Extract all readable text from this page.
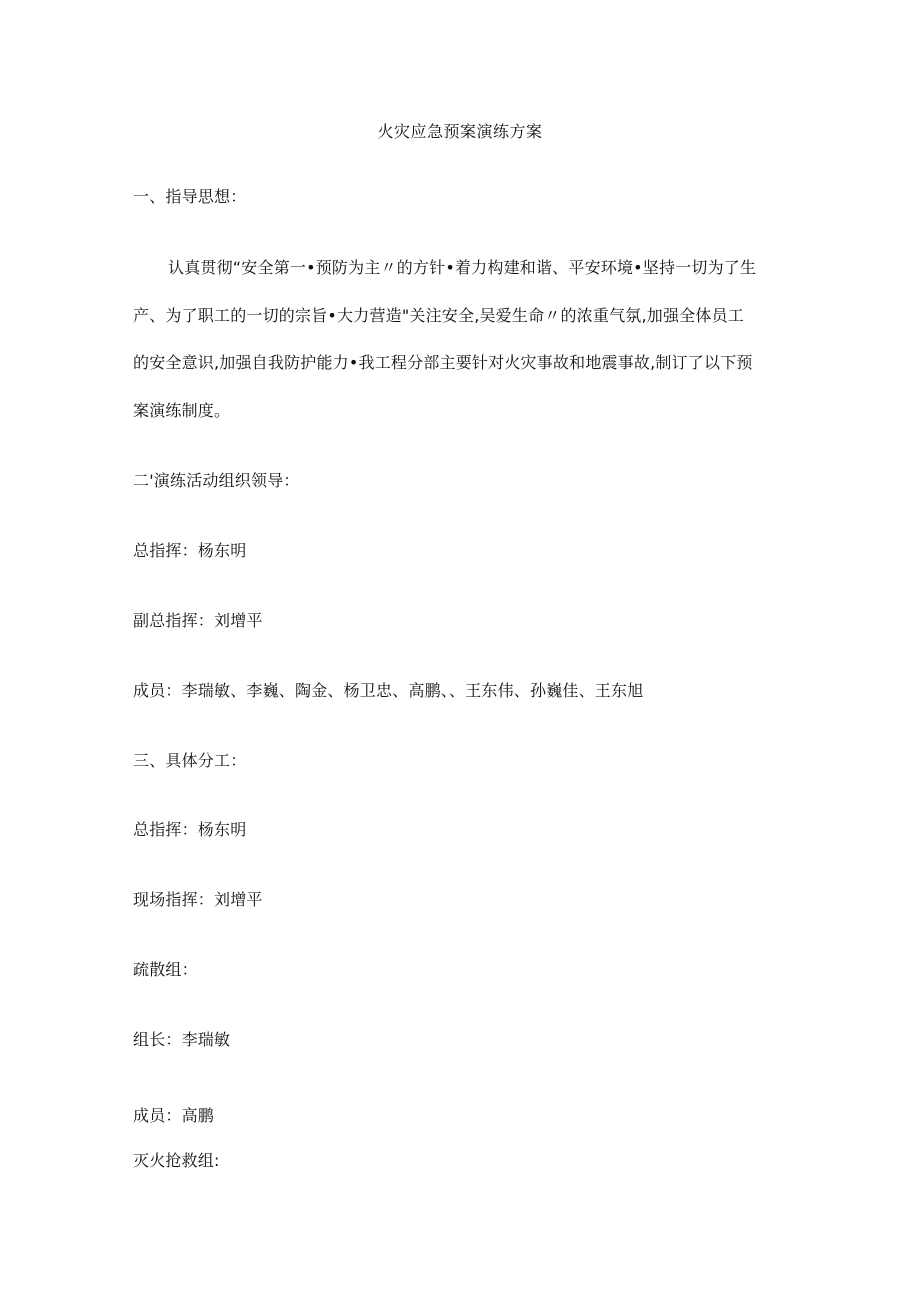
火灾应急预案演练方案
一、指导思想：
认真贯彻“安全第一•预防为主〃的方针•着力构建和谐、平安环境•坚持一切为了生
产、为了职工的一切的宗旨•大力营造"关注安全,吴爱生命〃的浓重气氛,加强全体员工
的安全意识,加强自我防护能力•我工程分部主要针对火灾事故和地震事故,制订了以下预
案演练制度。
二'演练活动组织领导：
总指挥：杨东明
副总指挥：刘增平
成员：李瑞敏、李巍、陶金、杨卫忠、高鹏、、王东伟、孙巍佳、王东旭
三、具体分工：
总指挥：杨东明
现场指挥：刘增平
疏散组：
组长：李瑞敏
成员：高鹏
灭火抢救组:
